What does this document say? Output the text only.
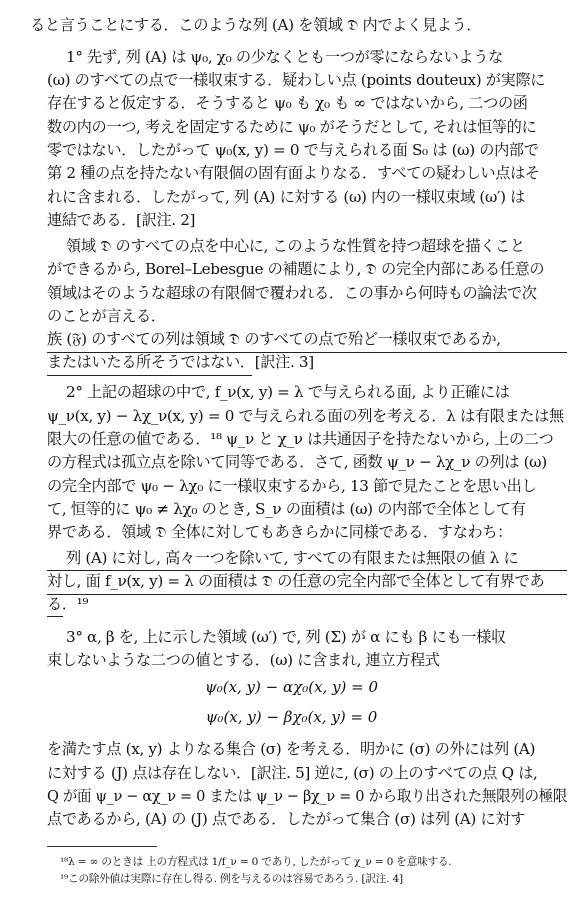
ると言うことにする．このような列 (A) を領域 𝔇 内でよく見よう．
1° 先ず, 列 (A) は ψ₀, χ₀ の少なくとも一つが零にならないような
(ω) のすべての点で一様収束する．疑わしい点 (points douteux) が実際に
存在すると仮定する．そうすると ψ₀ も χ₀ も ∞ ではないから, 二つの函
数の内の一つ, 考えを固定するために ψ₀ がそうだとして, それは恒等的に
零ではない．したがって ψ₀(x, y) = 0 で与えられる面 S₀ は (ω) の内部で
第 2 種の点を持たない有限個の固有面よりなる．すべての疑わしい点はそ
れに含まれる．したがって, 列 (A) に対する (ω) 内の一様収束域 (ω′) は
連結である．[訳注. 2]
領域 𝔇 のすべての点を中心に, このような性質を持つ超球を描くこと
ができるから, Borel–Lebesgue の補題により, 𝔇 の完全内部にある任意の
領域はそのような超球の有限個で覆われる．この事から何時もの論法で次
のことが言える．
族 (𝔉) のすべての列は領域 𝔇 のすべての点で殆ど一様収束であるか,
またはいたる所そうではない．[訳注. 3]
2° 上記の超球の中で, f_ν(x, y) = λ で与えられる面, より正確には
ψ_ν(x, y) − λχ_ν(x, y) = 0 で与えられる面の列を考える．λ は有限または無
限大の任意の値である．¹⁸ ψ_ν と χ_ν は共通因子を持たないから, 上の二つ
の方程式は孤立点を除いて同等である．さて, 函数 ψ_ν − λχ_ν の列は (ω)
の完全内部で ψ₀ − λχ₀ に一様収束するから, 13 節で見たことを思い出し
て, 恒等的に ψ₀ ≠ λχ₀ のとき, S_ν の面積は (ω) の内部で全体として有
界である．領域 𝔇 全体に対してもあきらかに同様である．すなわち：
列 (A) に対し, 高々一つを除いて, すべての有限または無限の値 λ に
対し, 面 f_ν(x, y) = λ の面積は 𝔇 の任意の完全内部で全体として有界であ
る．¹⁹
3° α, β を, 上に示した領域 (ω′) で, 列 (Σ) が α にも β にも一様収
束しないような二つの値とする．(ω) に含まれ, 連立方程式
ψ₀(x, y) − αχ₀(x, y) = 0
ψ₀(x, y) − βχ₀(x, y) = 0
を満たす点 (x, y) よりなる集合 (σ) を考える．明かに (σ) の外には列 (A)
に対する (J) 点は存在しない．[訳注. 5] 逆に, (σ) の上のすべての点 Q は,
Q が面 ψ_ν − αχ_ν = 0 または ψ_ν − βχ_ν = 0 から取り出された無限列の極限
点であるから, (A) の (J) 点である．したがって集合 (σ) は列 (A) に対す
¹⁸λ = ∞ のときは 上の方程式は 1/f_ν = 0 であり, したがって χ_ν = 0 を意味する.
¹⁹この除外値は実際に存在し得る. 例を与えるのは容易であろう. [訳注. 4]
